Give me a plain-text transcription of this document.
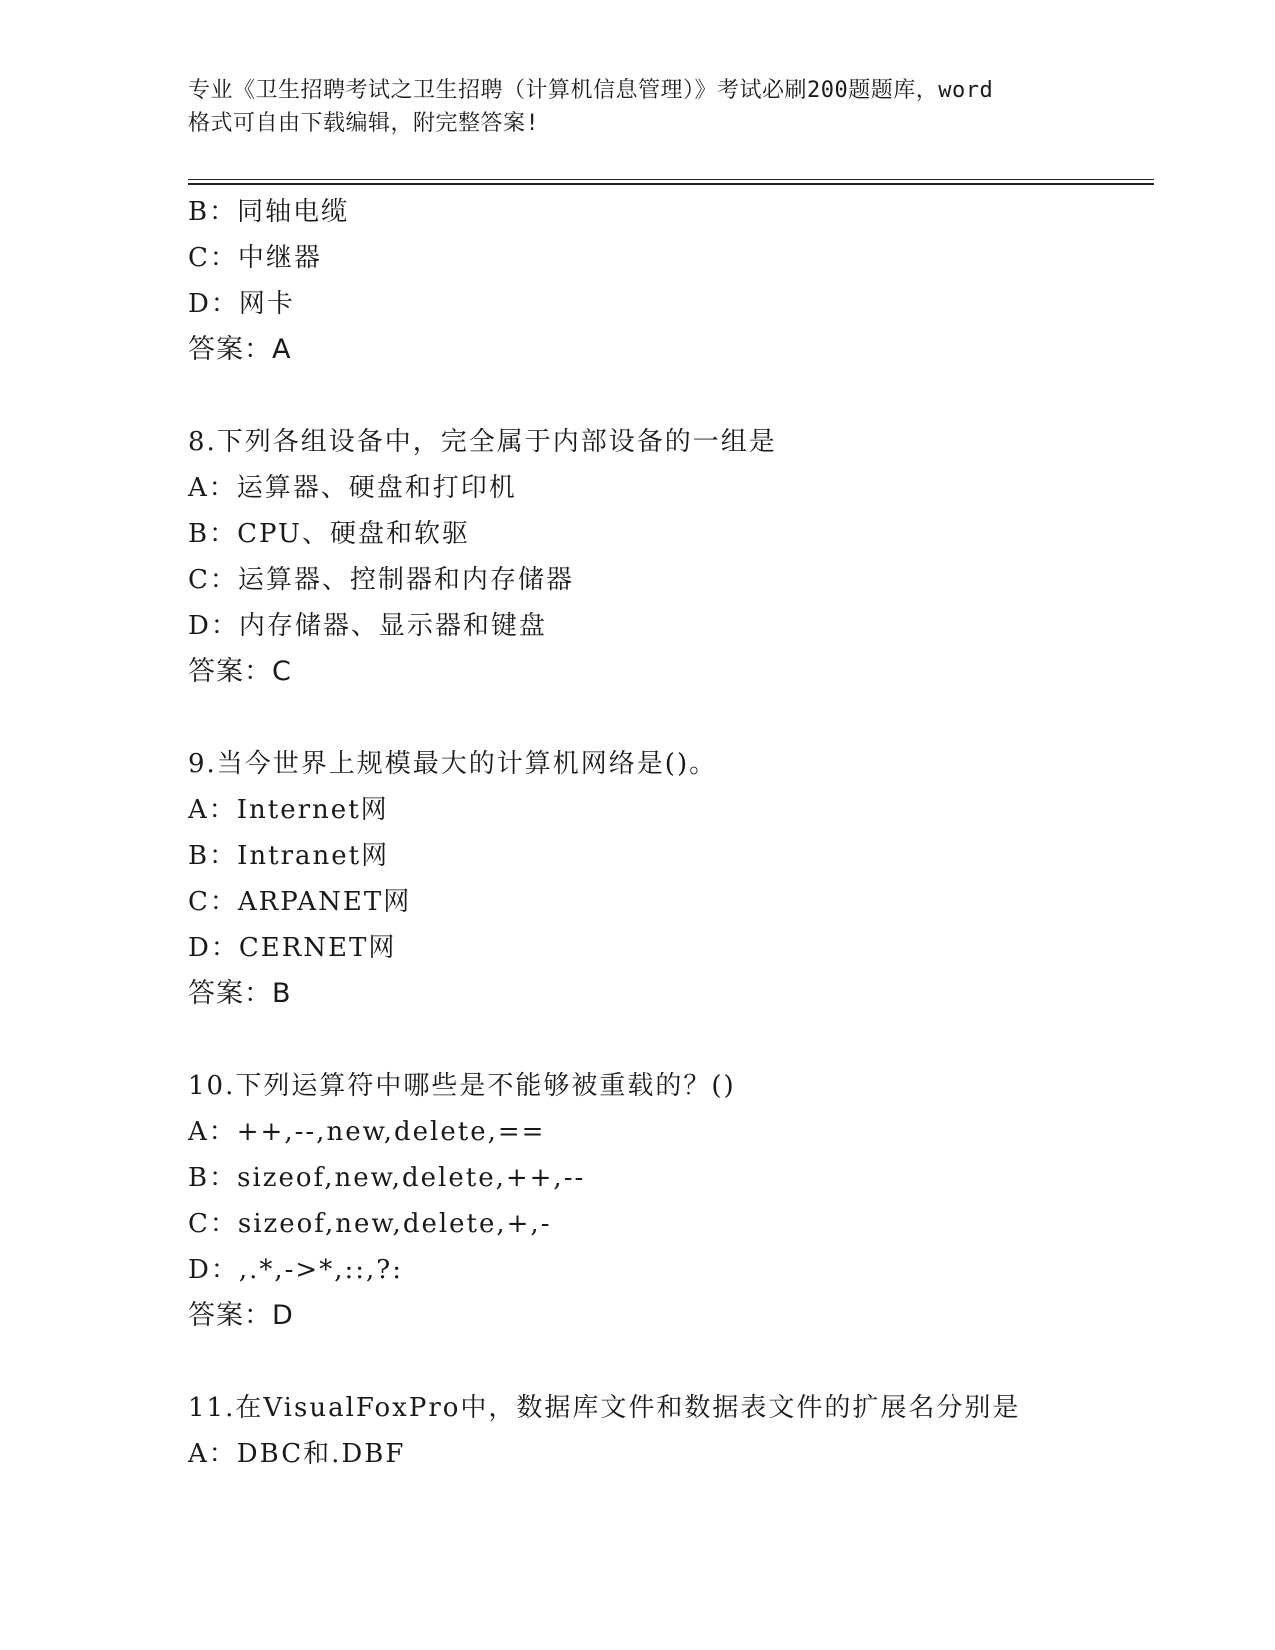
专业《卫生招聘考试之卫生招聘（计算机信息管理）》考试必刷200题题库，word
格式可自由下载编辑，附完整答案!
B：同轴电缆
C：中继器
D：网卡
答案：A
8.下列各组设备中，完全属于内部设备的一组是
A：运算器、硬盘和打印机
B：CPU、硬盘和软驱
C：运算器、控制器和内存储器
D：内存储器、显示器和键盘
答案：C
9.当今世界上规模最大的计算机网络是()。
A：Internet网
B：Intranet网
C：ARPANET网
D：CERNET网
答案：B
10.下列运算符中哪些是不能够被重载的？()
A：++,--,new,delete,==
B：sizeof,new,delete,++,--
C：sizeof,new,delete,+,-
D：,.*,->*,::,?:
答案：D
11.在VisualFoxPro中，数据库文件和数据表文件的扩展名分别是
A：DBC和.DBF
